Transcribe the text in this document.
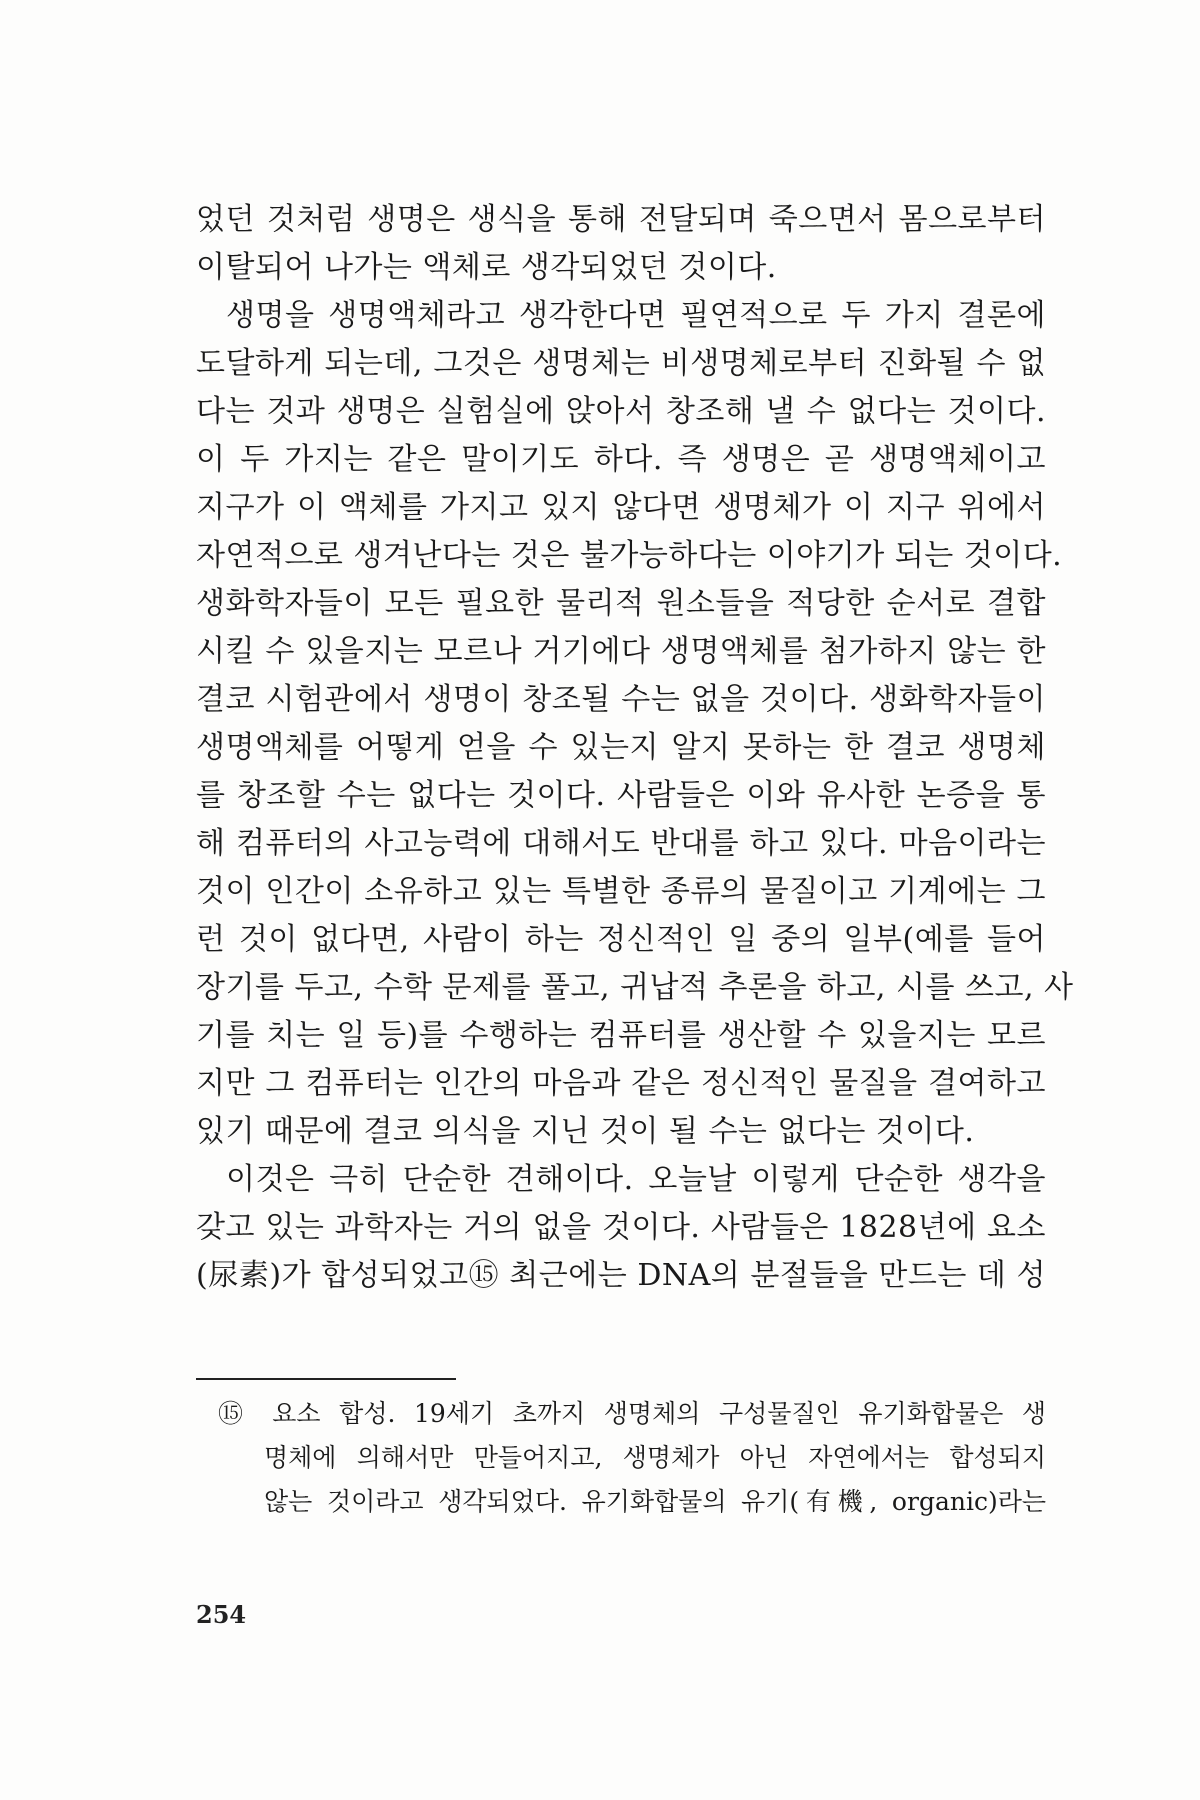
었던 것처럼 생명은 생식을 통해 전달되며 죽으면서 몸으로부터
이탈되어 나가는 액체로 생각되었던 것이다.
생명을 생명액체라고 생각한다면 필연적으로 두 가지 결론에
도달하게 되는데, 그것은 생명체는 비생명체로부터 진화될 수 없
다는 것과 생명은 실험실에 앉아서 창조해 낼 수 없다는 것이다.
이 두 가지는 같은 말이기도 하다. 즉 생명은 곧 생명액체이고
지구가 이 액체를 가지고 있지 않다면 생명체가 이 지구 위에서
자연적으로 생겨난다는 것은 불가능하다는 이야기가 되는 것이다.
생화학자들이 모든 필요한 물리적 원소들을 적당한 순서로 결합
시킬 수 있을지는 모르나 거기에다 생명액체를 첨가하지 않는 한
결코 시험관에서 생명이 창조될 수는 없을 것이다. 생화학자들이
생명액체를 어떻게 얻을 수 있는지 알지 못하는 한 결코 생명체
를 창조할 수는 없다는 것이다. 사람들은 이와 유사한 논증을 통
해 컴퓨터의 사고능력에 대해서도 반대를 하고 있다. 마음이라는
것이 인간이 소유하고 있는 특별한 종류의 물질이고 기계에는 그
런 것이 없다면, 사람이 하는 정신적인 일 중의 일부(예를 들어
장기를 두고, 수학 문제를 풀고, 귀납적 추론을 하고, 시를 쓰고, 사
기를 치는 일 등)를 수행하는 컴퓨터를 생산할 수 있을지는 모르
지만 그 컴퓨터는 인간의 마음과 같은 정신적인 물질을 결여하고
있기 때문에 결코 의식을 지닌 것이 될 수는 없다는 것이다.
이것은 극히 단순한 견해이다. 오늘날 이렇게 단순한 생각을
갖고 있는 과학자는 거의 없을 것이다. 사람들은 1828년에 요소
(尿素)가 합성되었고⑮ 최근에는 DNA의 분절들을 만드는 데 성
⑮ 요소 합성. 19세기 초까지 생명체의 구성물질인 유기화합물은 생
명체에 의해서만 만들어지고, 생명체가 아닌 자연에서는 합성되지
않는 것이라고 생각되었다. 유기화합물의 유기(有機, organic)라는
254
